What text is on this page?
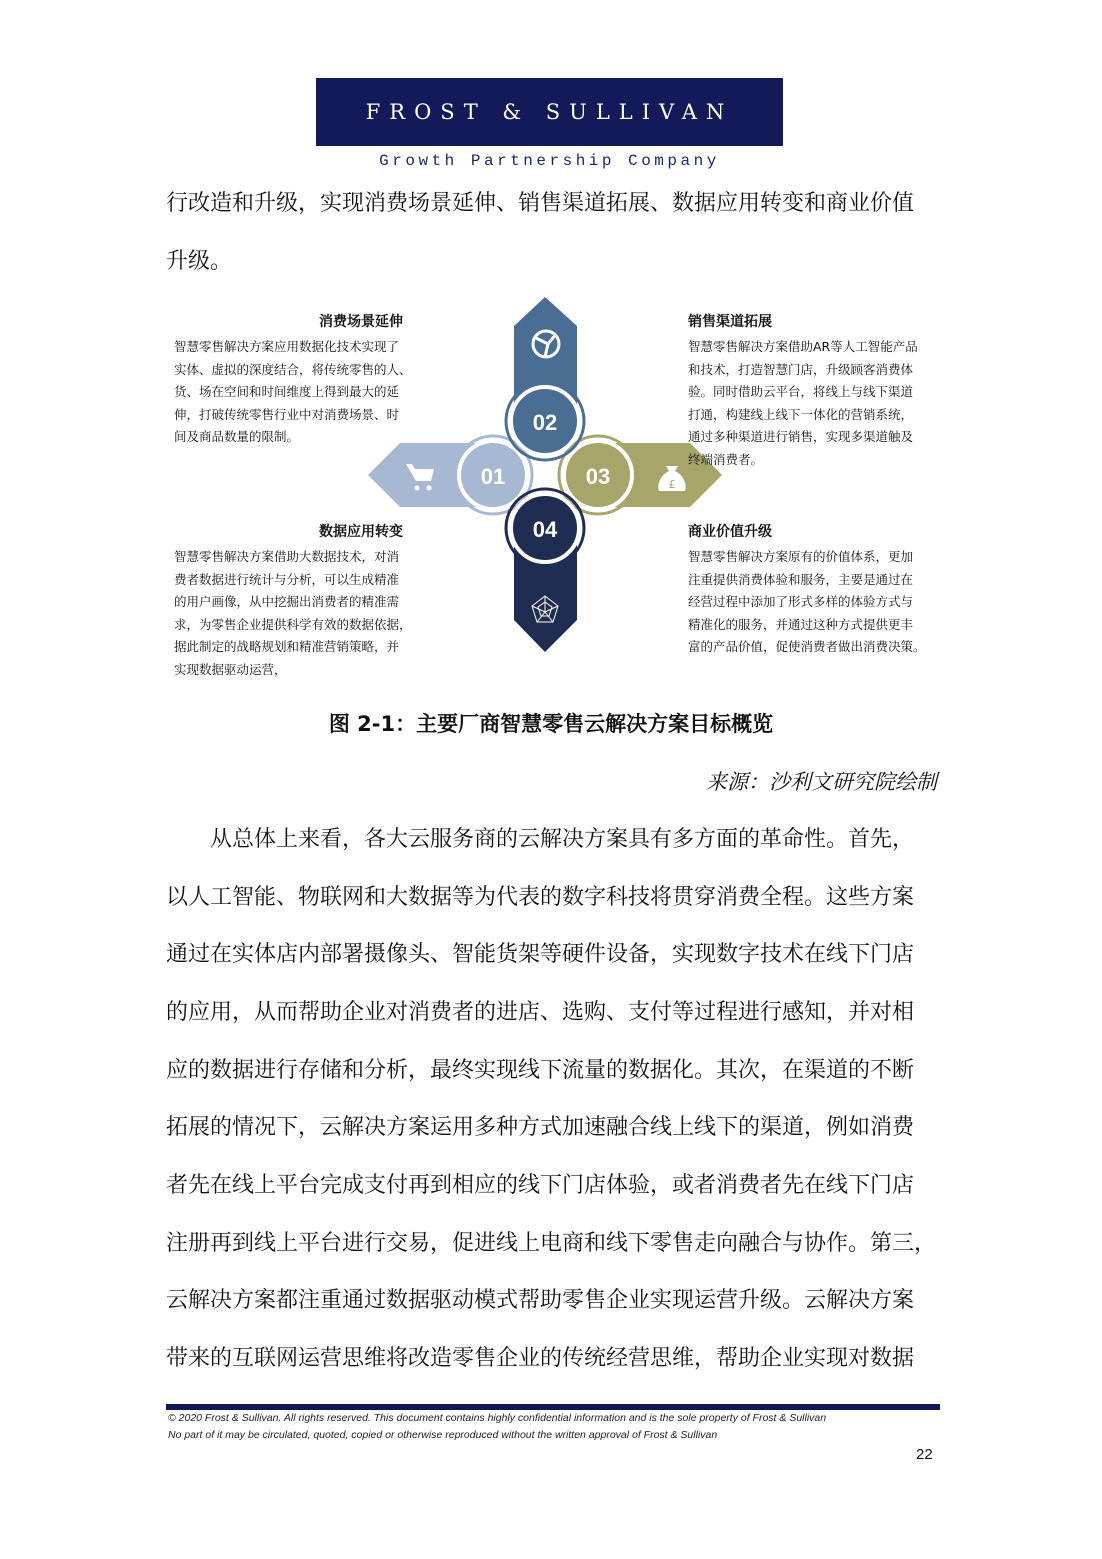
FROST & SULLIVAN
Growth Partnership Company
行改造和升级，实现消费场景延伸、销售渠道拓展、数据应用转变和商业价值
升级。
01	03
02
04
£
消费场景延伸
智慧零售解决方案应用数据化技术实现了
实体、虚拟的深度结合，将传统零售的人、
货、场在空间和时间维度上得到最大的延
伸，打破传统零售行业中对消费场景、时
间及商品数量的限制。
销售渠道拓展
智慧零售解决方案借助AR等人工智能产品
和技术，打造智慧门店，升级顾客消费体
验。同时借助云平台，将线上与线下渠道
打通，构建线上线下一体化的营销系统，
通过多种渠道进行销售，实现多渠道触及
终端消费者。
数据应用转变
智慧零售解决方案借助大数据技术，对消
费者数据进行统计与分析，可以生成精准
的用户画像，从中挖掘出消费者的精准需
求，为零售企业提供科学有效的数据依据，
据此制定的战略规划和精准营销策略，并
实现数据驱动运营，
商业价值升级
智慧零售解决方案原有的价值体系，更加
注重提供消费体验和服务，主要是通过在
经营过程中添加了形式多样的体验方式与
精准化的服务，并通过这种方式提供更丰
富的产品价值，促使消费者做出消费决策。
图 2-1：主要厂商智慧零售云解决方案目标概览
来源：沙利文研究院绘制
从总体上来看，各大云服务商的云解决方案具有多方面的革命性。首先，
以人工智能、物联网和大数据等为代表的数字科技将贯穿消费全程。这些方案
通过在实体店内部署摄像头、智能货架等硬件设备，实现数字技术在线下门店
的应用，从而帮助企业对消费者的进店、选购、支付等过程进行感知，并对相
应的数据进行存储和分析，最终实现线下流量的数据化。其次，在渠道的不断
拓展的情况下，云解决方案运用多种方式加速融合线上线下的渠道，例如消费
者先在线上平台完成支付再到相应的线下门店体验，或者消费者先在线下门店
注册再到线上平台进行交易，促进线上电商和线下零售走向融合与协作。第三，
云解决方案都注重通过数据驱动模式帮助零售企业实现运营升级。云解决方案
带来的互联网运营思维将改造零售企业的传统经营思维，帮助企业实现对数据
© 2020 Frost & Sullivan. All rights reserved. This document contains highly confidential information and is the sole property of Frost & Sullivan
No part of it may be circulated, quoted, copied or otherwise reproduced without the written approval of Frost & Sullivan
22
